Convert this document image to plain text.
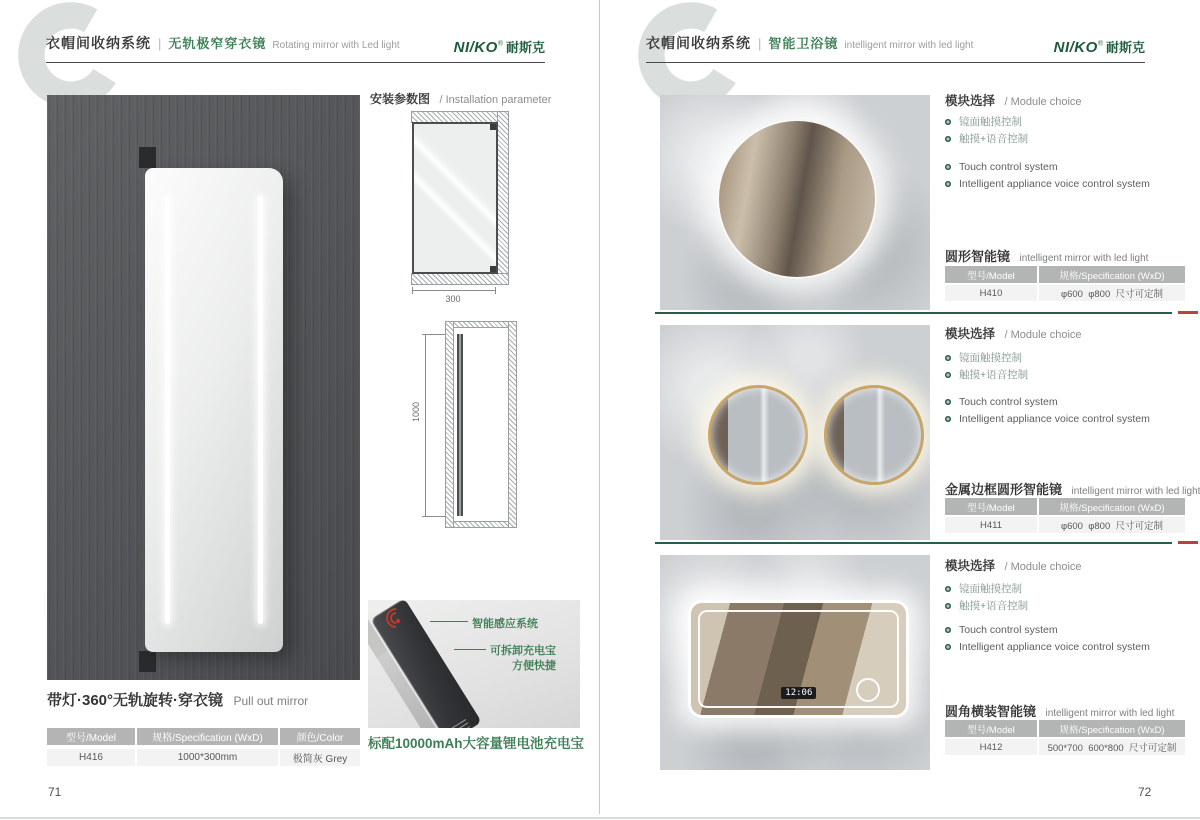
衣帽间收纳系统 | 无轨极窄穿衣镜 Rotating mirror with Led light	NI/KO® 耐斯克
带灯·360°无轨旋转·穿衣镜 Pull out mirror
型号/Model	规格/Specification (WxD)	颜色/Color
H416	1000*300mm	极简灰 Grey
安装参数图 / Installation parameter
300
1000
智能感应系统
可拆卸充电宝
方便快捷
标配10000mAh大容量锂电池充电宝
71
衣帽间收纳系统 | 智能卫浴镜 intelligent mirror with led light	NI/KO® 耐斯克
模块选择 / Module choice
镜面触摸控制
触摸+语音控制
Touch control system
Intelligent appliance voice control system
圆形智能镜 intelligent mirror with led light
型号/Model	规格/Specification (WxD)
H410	φ600  φ800  尺寸可定制
模块选择 / Module choice
镜面触摸控制
触摸+语音控制
Touch control system
Intelligent appliance voice control system
金属边框圆形智能镜 intelligent mirror with led light
型号/Model	规格/Specification (WxD)
H411	φ600  φ800  尺寸可定制
12:06
模块选择 / Module choice
镜面触摸控制
触摸+语音控制
Touch control system
Intelligent appliance voice control system
圆角横装智能镜 intelligent mirror with led light
型号/Model	规格/Specification (WxD)
H412	500*700  600*800  尺寸可定制
72
